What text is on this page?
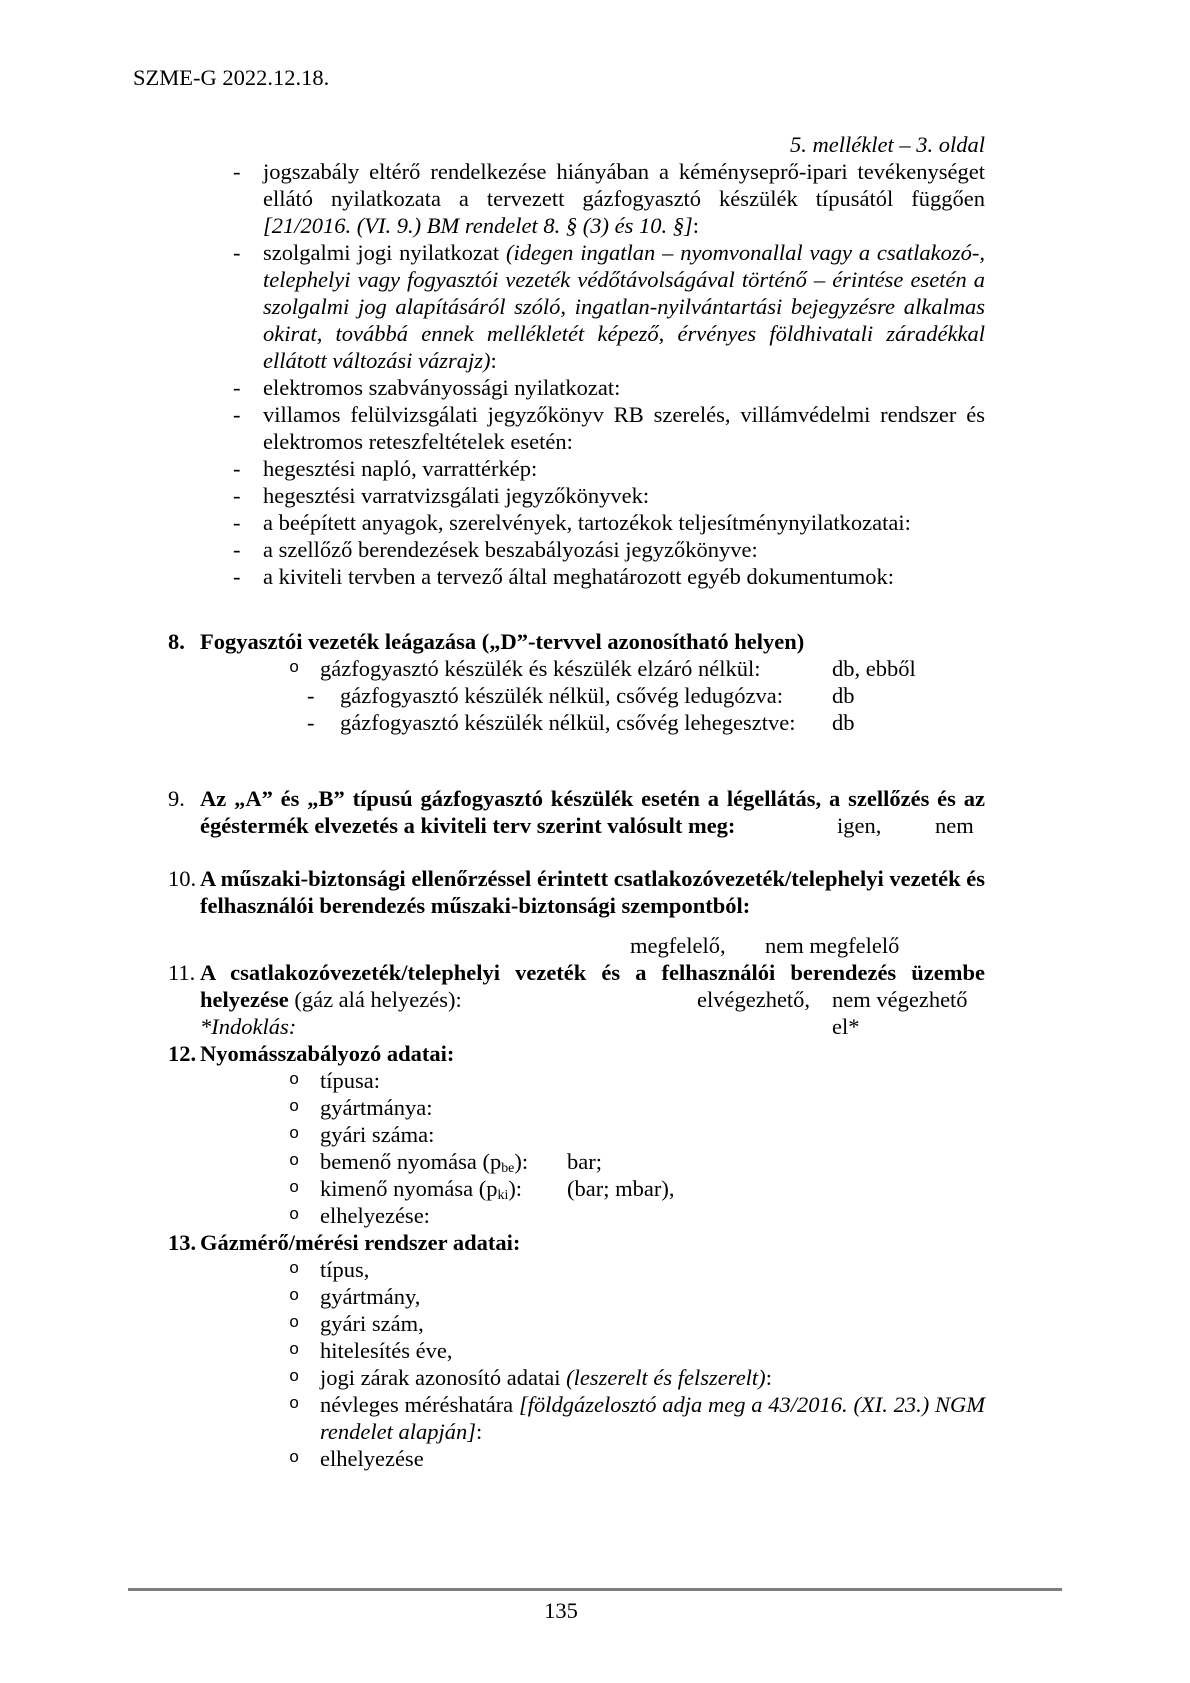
SZME-G 2022.12.18.
5. melléklet – 3. oldal
- jogszabály eltérő rendelkezése hiányában a kéményseprő-ipari tevékenységet ellátó nyilatkozata a tervezett gázfogyasztó készülék típusától függően [21/2016. (VI. 9.) BM rendelet 8. § (3) és 10. §]:
- szolgalmi jogi nyilatkozat (idegen ingatlan – nyomvonallal vagy a csatlakozó-, telephelyi vagy fogyasztói vezeték védőtávolságával történő – érintése esetén a szolgalmi jog alapításáról szóló, ingatlan-nyilvántartási bejegyzésre alkalmas okirat, továbbá ennek mellékletét képező, érvényes földhivatali záradékkal ellátott változási vázrajz):
- elektromos szabványossági nyilatkozat:
- villamos felülvizsgálati jegyzőkönyv RB szerelés, villámvédelmi rendszer és elektromos reteszfeltételek esetén:
- hegesztési napló, varrattérkép:
- hegesztési varratvizsgálati jegyzőkönyvek:
- a beépített anyagok, szerelvények, tartozékok teljesítménynyilatkozatai:
- a szellőző berendezések beszabályozási jegyzőkönyve:
- a kiviteli tervben a tervező által meghatározott egyéb dokumentumok:
8. Fogyasztói vezeték leágazása („D”-tervvel azonosítható helyen)
o gázfogyasztó készülék és készülék elzáró nélkül:	db, ebből
- gázfogyasztó készülék nélkül, csővég ledugózva: db
- gázfogyasztó készülék nélkül, csővég lehegesztve: db
9. Az „A” és „B” típusú gázfogyasztó készülék esetén a légellátás, a szellőzés és az
égéstermék elvezetés a kiviteli terv szerint valósult meg:	igen, nem
10. A műszaki-biztonsági ellenőrzéssel érintett csatlakozóvezeték/telephelyi vezeték és
felhasználói berendezés műszaki-biztonsági szempontból:
megfelelő, nem megfelelő
11. A csatlakozóvezeték/telephelyi vezeték és a felhasználói berendezés üzembe
helyezése (gáz alá helyezés):	elvégezhető, nem végezhető el*
*Indoklás:
12. Nyomásszabályozó adatai:
o típusa:
o gyártmánya:
o gyári száma:
o bemenő nyomása (pbe): bar;
o kimenő nyomása (pki): (bar; mbar),
o elhelyezése:
13. Gázmérő/mérési rendszer adatai:
o típus,
o gyártmány,
o gyári szám,
o hitelesítés éve,
o jogi zárak azonosító adatai (leszerelt és felszerelt):
o névleges méréshatára [földgázelosztó adja meg a 43/2016. (XI. 23.) NGM rendelet alapján]:
o elhelyezése
135
